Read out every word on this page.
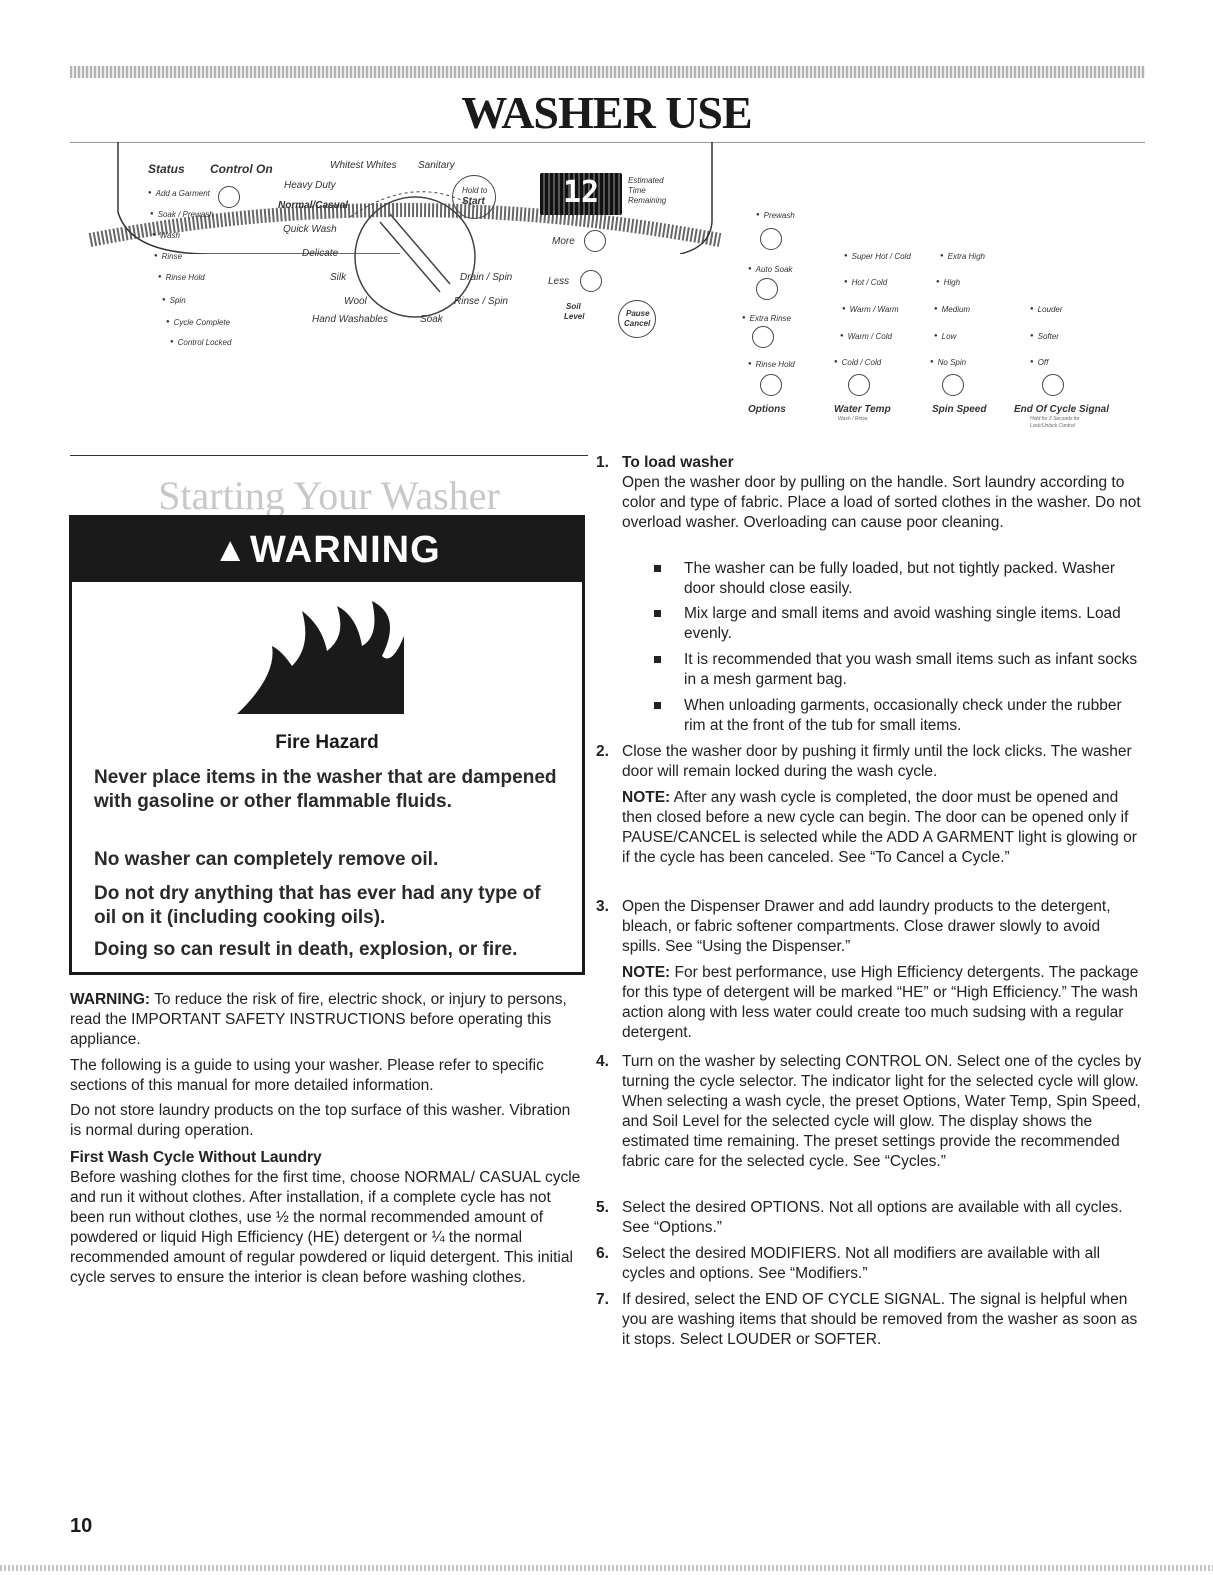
WASHER USE
Status Control On
● Add a Garment
● Soak / Prewash
● Wash
● Rinse
● Rinse Hold
● Spin
● Cycle Complete
● Control Locked
Whitest Whites Sanitary
Heavy Duty
Normal/Casual
Quick Wash
Delicate
Silk
Wool
Hand Washables
Drain / Spin
Rinse / Spin
Soak
Hold to
Start	12	Estimated
Time
Remaining
More
Less
Soil
Level	Pause
Cancel
● Prewash
● Auto Soak
● Extra Rinse
● Rinse Hold
● Super Hot / Cold
● Hot / Cold
● Warm / Warm
● Warm / Cold
● Cold / Cold
● Extra High
● High
● Medium
● Low
● No Spin
● Louder
● Softer
● Off
Options	Water Temp
Wash / Rinse
Spin Speed	End Of Cycle Signal
Hold for 3 Seconds for
Lock/Unlock Control
Starting Your Washer
▲ WARNING
Fire Hazard
Never place items in the washer that are dampened with gasoline or other flammable fluids.
No washer can completely remove oil.
Do not dry anything that has ever had any type of oil on it (including cooking oils).
Doing so can result in death, explosion, or fire.
WARNING: To reduce the risk of fire, electric shock, or injury to persons, read the IMPORTANT SAFETY INSTRUCTIONS before operating this appliance.
The following is a guide to using your washer. Please refer to specific sections of this manual for more detailed information.
Do not store laundry products on the top surface of this washer. Vibration is normal during operation.
First Wash Cycle Without Laundry
Before washing clothes for the first time, choose NORMAL/ CASUAL cycle and run it without clothes. After installation, if a complete cycle has not been run without clothes, use ½ the normal recommended amount of powdered or liquid High Efficiency (HE) detergent or ¼ the normal recommended amount of regular powdered or liquid detergent. This initial cycle serves to ensure the interior is clean before washing clothes.
1. To load washer
Open the washer door by pulling on the handle. Sort laundry according to color and type of fabric. Place a load of sorted clothes in the washer. Do not overload washer. Overloading can cause poor cleaning.
The washer can be fully loaded, but not tightly packed. Washer door should close easily.
Mix large and small items and avoid washing single items. Load evenly.
It is recommended that you wash small items such as infant socks in a mesh garment bag.
When unloading garments, occasionally check under the rubber rim at the front of the tub for small items.
2. Close the washer door by pushing it firmly until the lock clicks. The washer door will remain locked during the wash cycle.
NOTE: After any wash cycle is completed, the door must be opened and then closed before a new cycle can begin. The door can be opened only if PAUSE/CANCEL is selected while the ADD A GARMENT light is glowing or if the cycle has been canceled. See “To Cancel a Cycle.”
3. Open the Dispenser Drawer and add laundry products to the detergent, bleach, or fabric softener compartments. Close drawer slowly to avoid spills. See “Using the Dispenser.”
NOTE: For best performance, use High Efficiency detergents. The package for this type of detergent will be marked “HE” or “High Efficiency.” The wash action along with less water could create too much sudsing with a regular detergent.
4. Turn on the washer by selecting CONTROL ON. Select one of the cycles by turning the cycle selector. The indicator light for the selected cycle will glow. When selecting a wash cycle, the preset Options, Water Temp, Spin Speed, and Soil Level for the selected cycle will glow. The display shows the estimated time remaining. The preset settings provide the recommended fabric care for the selected cycle. See “Cycles.”
5. Select the desired OPTIONS. Not all options are available with all cycles. See “Options.”
6. Select the desired MODIFIERS. Not all modifiers are available with all cycles and options. See “Modifiers.”
7. If desired, select the END OF CYCLE SIGNAL. The signal is helpful when you are washing items that should be removed from the washer as soon as it stops. Select LOUDER or SOFTER.
10
